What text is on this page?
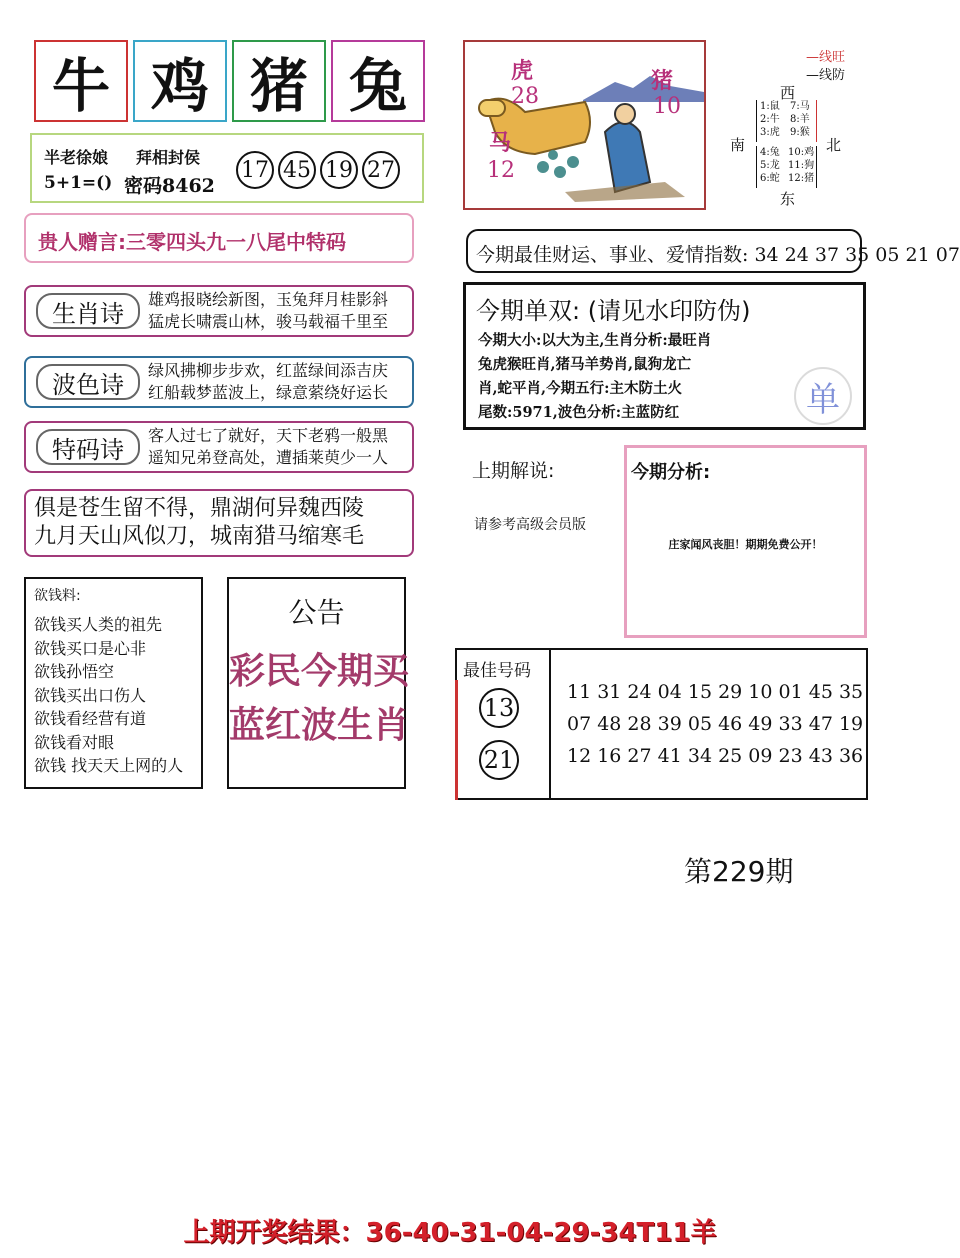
牛 鸡 猪 兔
半老徐娘 拜相封侯
5+1=() 密码8462
17 45 19 27
贵人赠言:三零四头九一八尾中特码
生肖诗	雄鸡报晓绘新图，玉兔拜月桂影斜
猛虎长啸震山林，骏马载福千里至
波色诗	绿风拂柳步步欢，红蓝绿间添吉庆
红船载梦蓝波上，绿意萦绕好运长
特码诗	客人过七了就好，天下老鸦一般黑
遥知兄弟登高处，遭插莱萸少一人
俱是苍生留不得，鼎湖何异魏西陵
九月天山风似刀，城南猎马缩寒毛
欲钱料:
欲钱买人类的祖先
欲钱买口是心非
欲钱孙悟空
欲钱买出口伤人
欲钱看经营有道
欲钱看对眼
欲钱 找天天上网的人
公告
彩民今期买
蓝红波生肖
虎
28
猪
10
马
12
—线旺
—线防
西
南	北
东
1:鼠
2:牛
3:虎
7:马
8:羊
9:猴
4:兔
5:龙
6:蛇
10:鸡
11:狗
12:猪
今期最佳财运、事业、爱情指数: 34 24 37 35 05 21 07
今期单双: (请见水印防伪)
今期大小:以大为主,生肖分析:最旺肖
兔虎猴旺肖,猪马羊势肖,鼠狗龙亡
肖,蛇平肖,今期五行:主木防土火
尾数:5971,波色分析:主蓝防红	单
上期解说:
请参考高级会员版
今期分析:
庄家闻风丧胆！期期免费公开！
最佳号码
13
21
11 31 24 04 15 29 10 01 45 35
07 48 28 39 05 46 49 33 47 19
12 16 27 41 34 25 09 23 43 36
第229期
上期开奖结果：36-40-31-04-29-34T11羊
